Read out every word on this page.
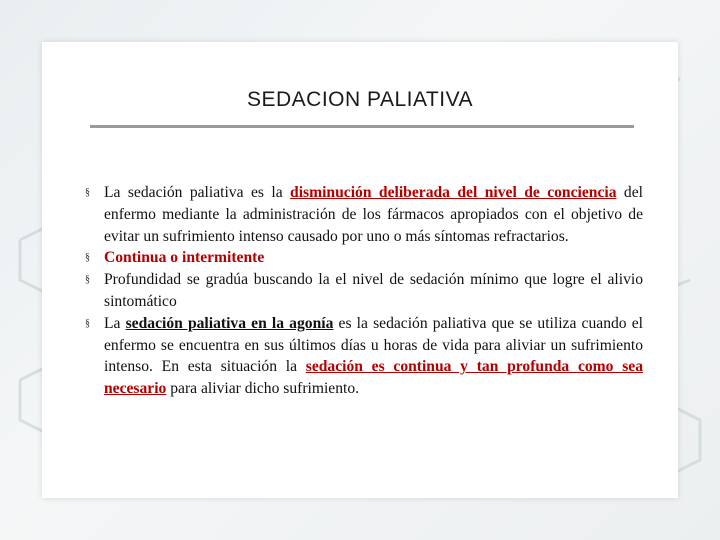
SEDACION PALIATIVA
§ La sedación paliativa es la disminución deliberada del nivel de conciencia del enfermo mediante la administración de los fármacos apropiados con el objetivo de evitar un sufrimiento intenso causado por uno o más síntomas refractarios.
§ Continua o intermitente
§ Profundidad se gradúa buscando la el nivel de sedación mínimo que logre el alivio sintomático
§ La sedación paliativa en la agonía es la sedación paliativa que se utiliza cuando el enfermo se encuentra en sus últimos días u horas de vida para aliviar un sufrimiento intenso. En esta situación la sedación es continua y tan profunda como sea necesario para aliviar dicho sufrimiento.
